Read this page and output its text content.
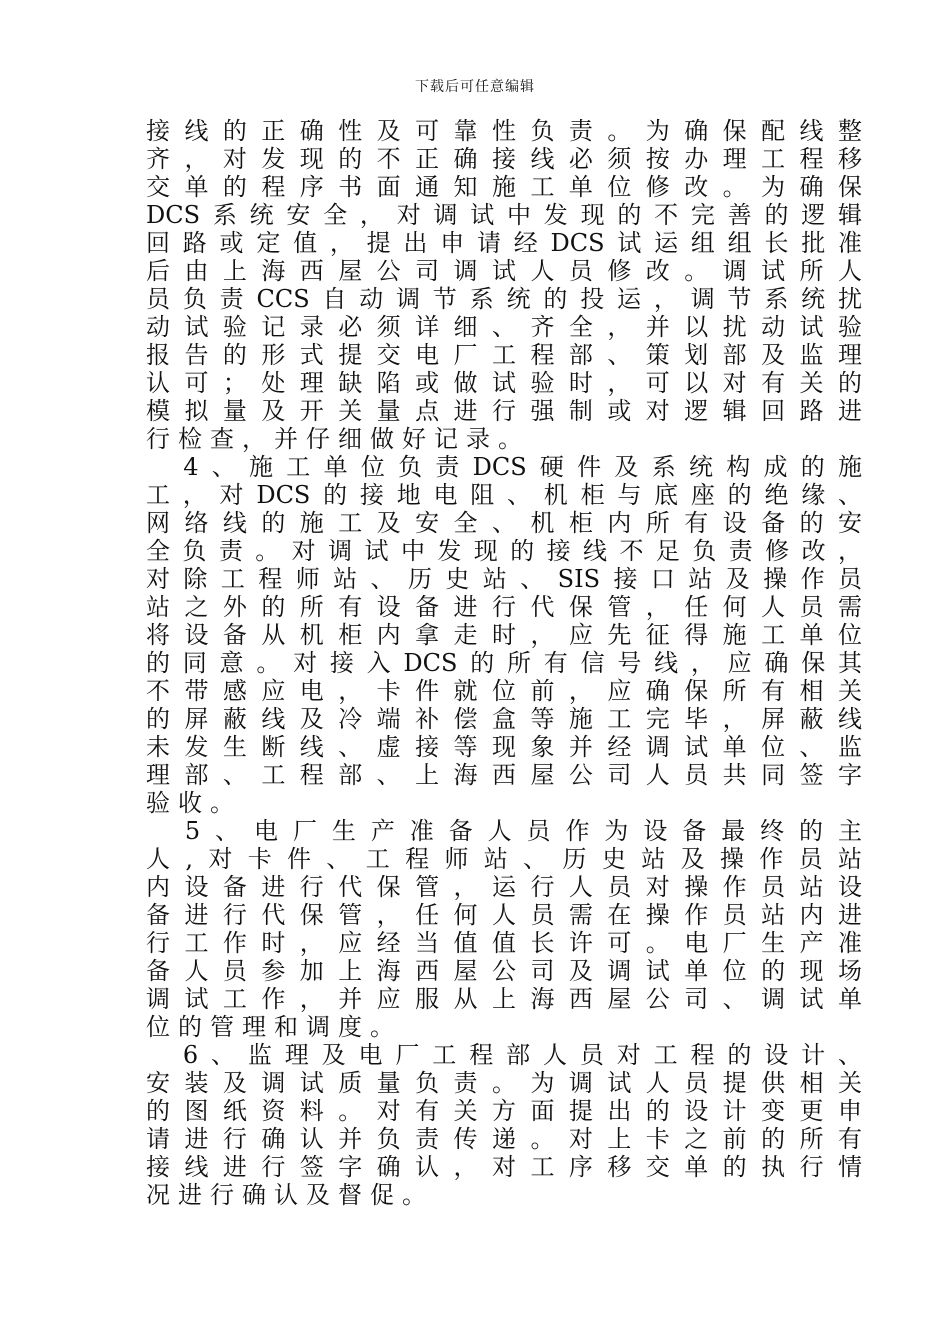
下载后可任意编辑
接线的正确性及可靠性负责。为确保配线整
齐，对发现的不正确接线必须按办理工程移
交单的程序书面通知施工单位修改。为确保
DCS系统安全，对调试中发现的不完善的逻辑
回路或定值，提出申请经DCS试运组组长批准
后由上海西屋公司调试人员修改。调试所人
员负责CCS自动调节系统的投运，调节系统扰
动试验记录必须详细、齐全，并以扰动试验
报告的形式提交电厂工程部、策划部及监理
认可；处理缺陷或做试验时，可以对有关的
模拟量及开关量点进行强制或对逻辑回路进
行检查，并仔细做好记录。
　4、施工单位负责DCS硬件及系统构成的施
工，对DCS的接地电阻、机柜与底座的绝缘、
网络线的施工及安全、机柜内所有设备的安
全负责。对调试中发现的接线不足负责修改，
对除工程师站、历史站、SIS接口站及操作员
站之外的所有设备进行代保管，任何人员需
将设备从机柜内拿走时，应先征得施工单位
的同意。对接入DCS的所有信号线，应确保其
不带感应电，卡件就位前，应确保所有相关
的屏蔽线及冷端补偿盒等施工完毕，屏蔽线
未发生断线、虚接等现象并经调试单位、监
理部、工程部、上海西屋公司人员共同签字
验收。
　5、电厂生产准备人员作为设备最终的主
人,对卡件、工程师站、历史站及操作员站
内设备进行代保管，运行人员对操作员站设
备进行代保管，任何人员需在操作员站内进
行工作时，应经当值值长许可。电厂生产准
备人员参加上海西屋公司及调试单位的现场
调试工作，并应服从上海西屋公司、调试单
位的管理和调度。
　6、监理及电厂工程部人员对工程的设计、
安装及调试质量负责。为调试人员提供相关
的图纸资料。对有关方面提出的设计变更申
请进行确认并负责传递。对上卡之前的所有
接线进行签字确认，对工序移交单的执行情
况进行确认及督促。
